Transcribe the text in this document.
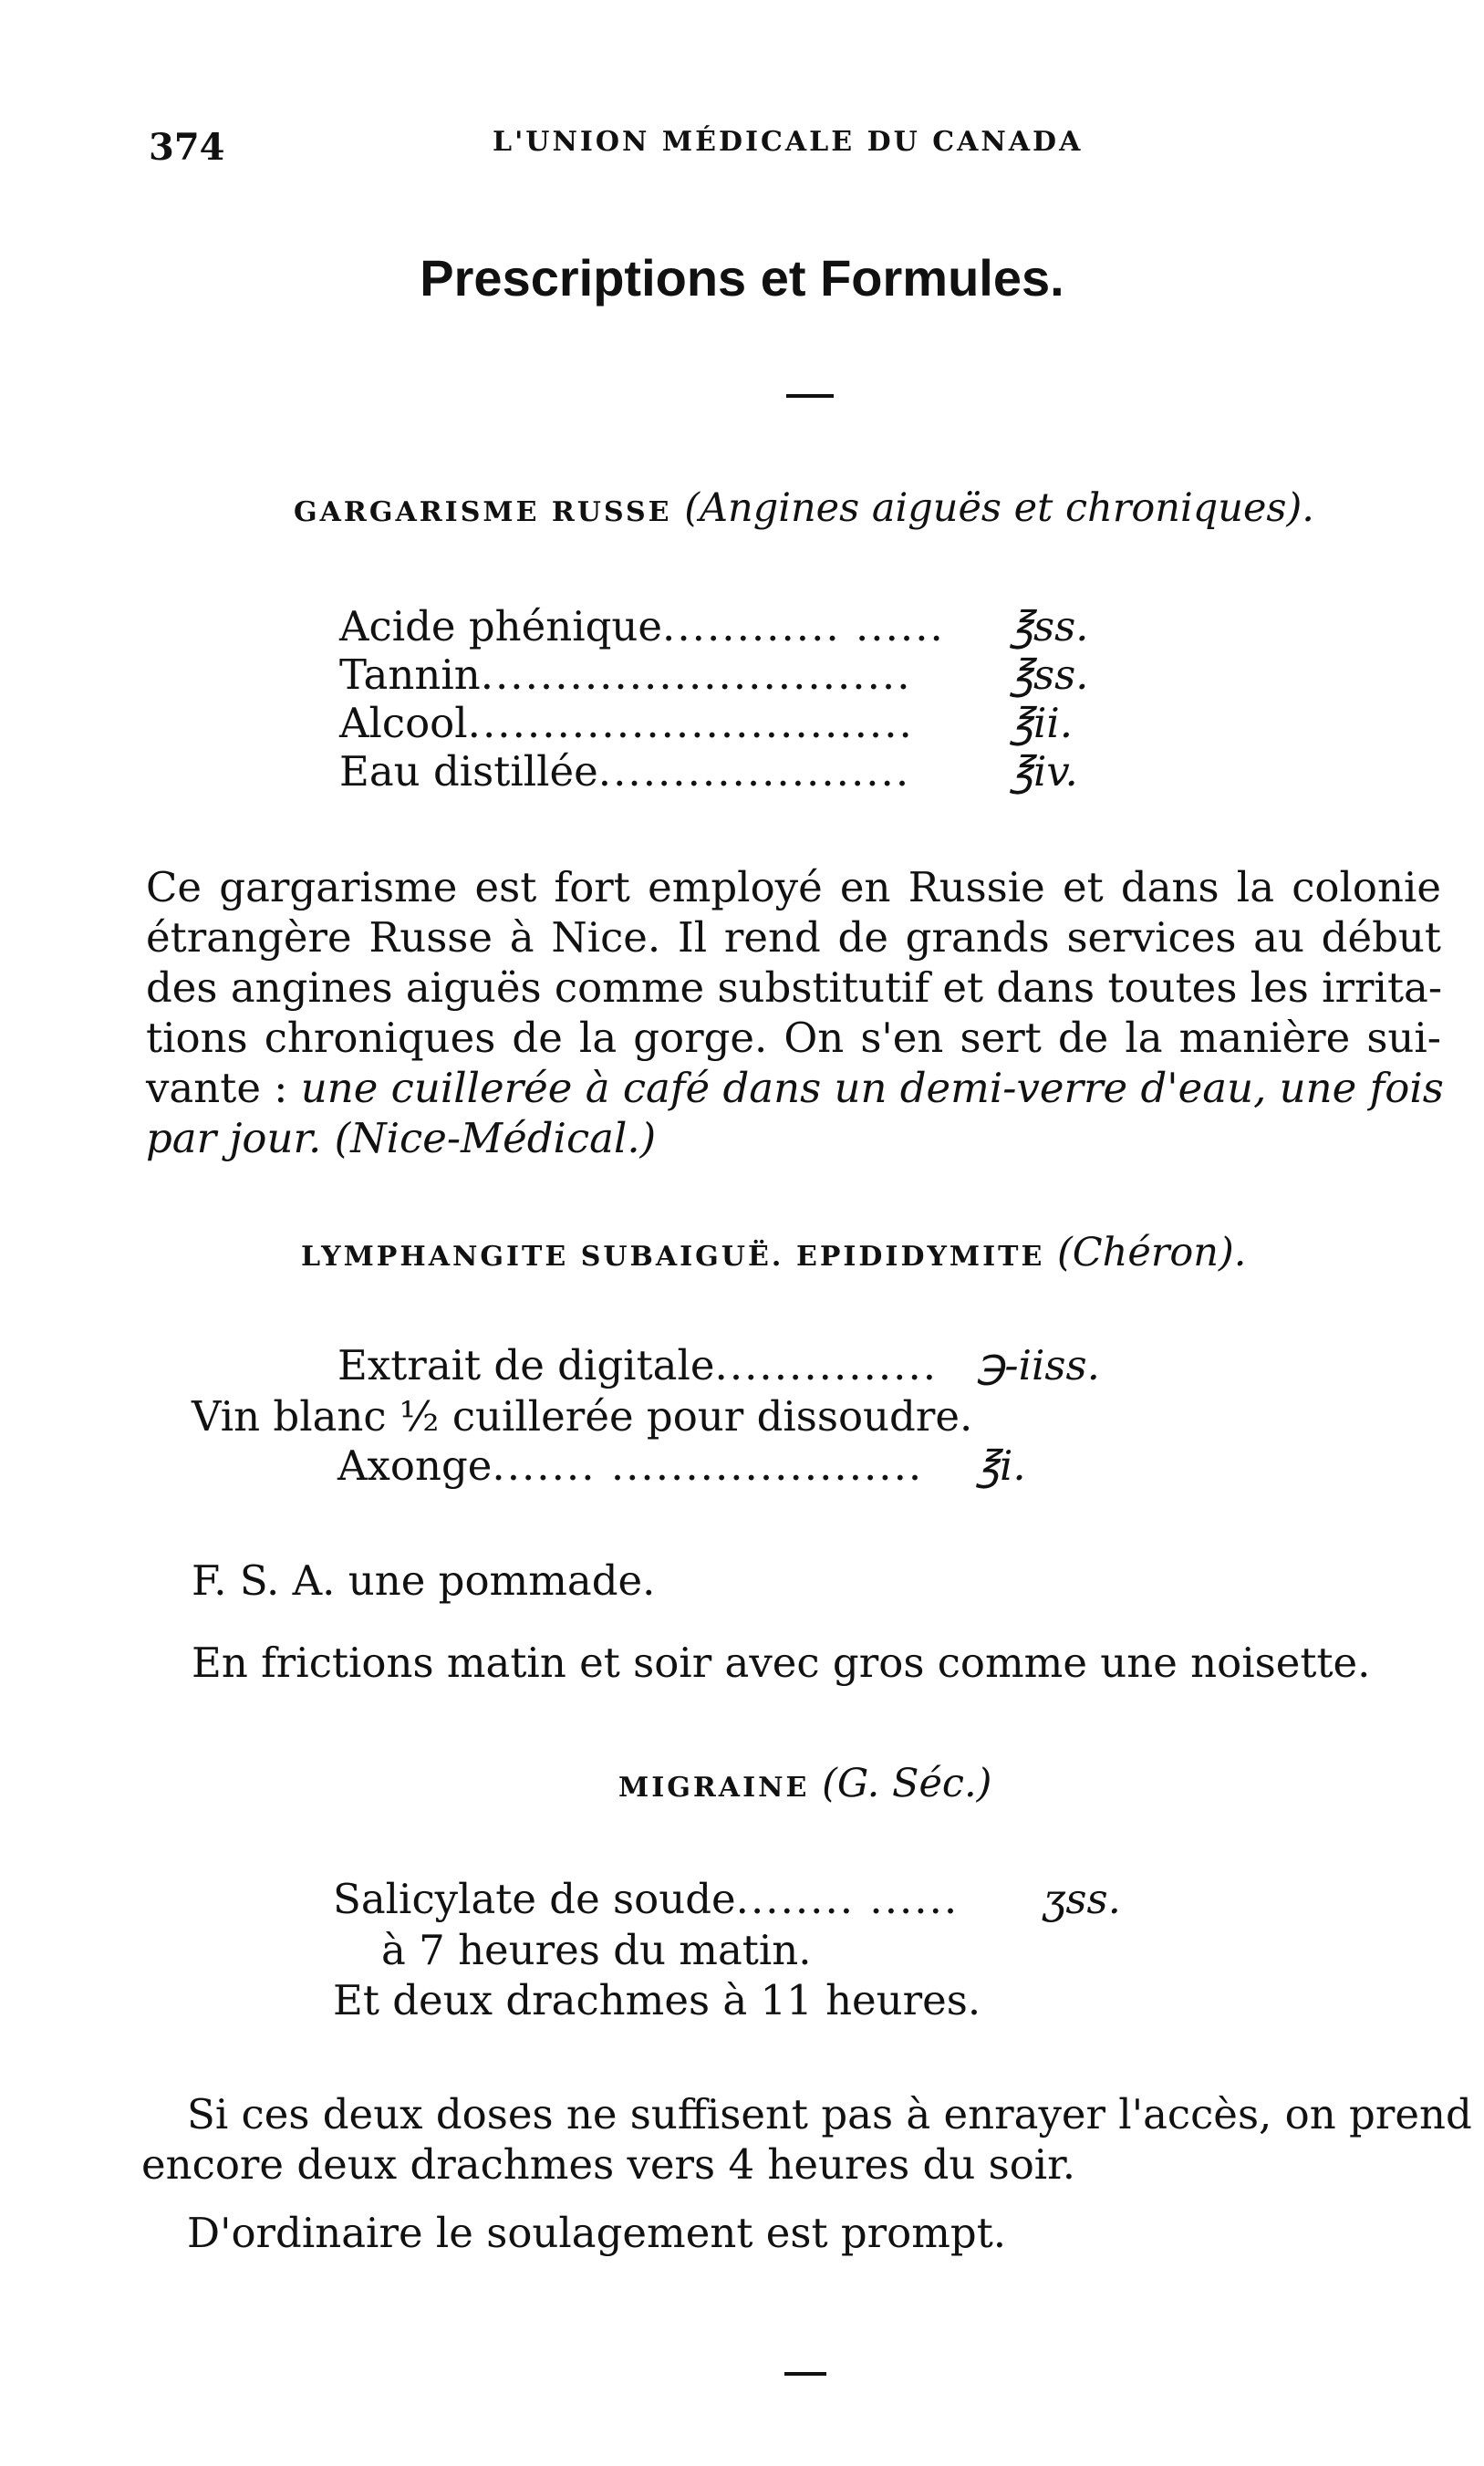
374	L'UNION MÉDICALE DU CANADA
Prescriptions et Formules.
GARGARISME RUSSE (Angines aiguës et chroniques).
Acide phénique............ ...... ℥ss.
Tannin............................. ℥ss.
Alcool.............................. ℥ii.
Eau distillée..................... ℥iv.
Ce gargarisme est fort employé en Russie et dans la colonie
étrangère Russe à Nice. Il rend de grands services au début
des angines aiguës comme substitutif et dans toutes les irrita-
tions chroniques de la gorge. On s'en sert de la manière sui-
vante : une cuillerée à café dans un demi-verre d'eau, une fois
par jour. (Nice-Médical.)
LYMPHANGITE SUBAIGUË. EPIDIDYMITE (Chéron).
Extrait de digitale............... ℈-iiss.
Vin blanc ½ cuillerée pour dissoudre.
Axonge....... ..................... ℥i.
F. S. A. une pommade.
En frictions matin et soir avec gros comme une noisette.
MIGRAINE (G. Séc.)
Salicylate de soude........ ...... ʒss.
à 7 heures du matin.
Et deux drachmes à 11 heures.
Si ces deux doses ne suffisent pas à enrayer l'accès, on prend
encore deux drachmes vers 4 heures du soir.
D'ordinaire le soulagement est prompt.
